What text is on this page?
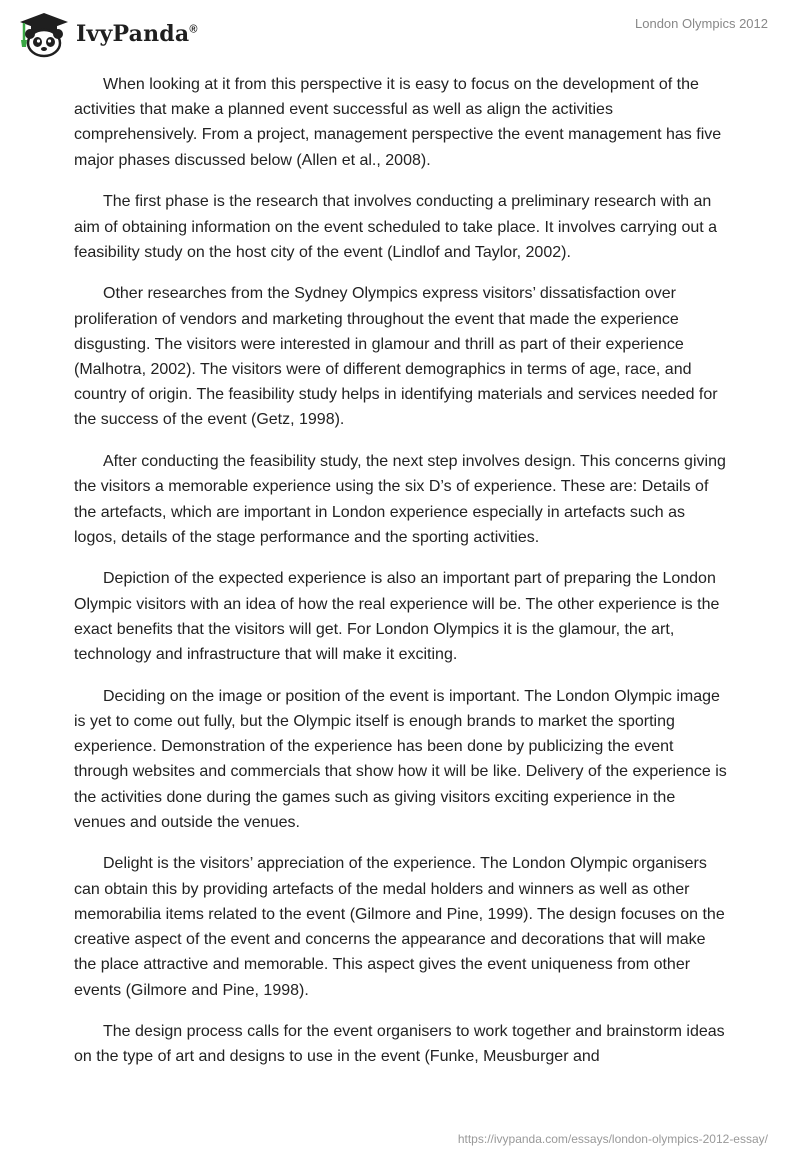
IvyPanda®	London Olympics 2012

When looking at it from this perspective it is easy to focus on the development of the activities that make a planned event successful as well as align the activities comprehensively. From a project, management perspective the event management has five major phases discussed below (Allen et al., 2008).

The first phase is the research that involves conducting a preliminary research with an aim of obtaining information on the event scheduled to take place. It involves carrying out a feasibility study on the host city of the event (Lindlof and Taylor, 2002).

Other researches from the Sydney Olympics express visitors’ dissatisfaction over proliferation of vendors and marketing throughout the event that made the experience disgusting. The visitors were interested in glamour and thrill as part of their experience (Malhotra, 2002). The visitors were of different demographics in terms of age, race, and country of origin. The feasibility study helps in identifying materials and services needed for the success of the event (Getz, 1998).

After conducting the feasibility study, the next step involves design. This concerns giving the visitors a memorable experience using the six D’s of experience. These are: Details of the artefacts, which are important in London experience especially in artefacts such as logos, details of the stage performance and the sporting activities.

Depiction of the expected experience is also an important part of preparing the London Olympic visitors with an idea of how the real experience will be. The other experience is the exact benefits that the visitors will get. For London Olympics it is the glamour, the art, technology and infrastructure that will make it exciting.

Deciding on the image or position of the event is important. The London Olympic image is yet to come out fully, but the Olympic itself is enough brands to market the sporting experience. Demonstration of the experience has been done by publicizing the event through websites and commercials that show how it will be like. Delivery of the experience is the activities done during the games such as giving visitors exciting experience in the venues and outside the venues.

Delight is the visitors’ appreciation of the experience. The London Olympic organisers can obtain this by providing artefacts of the medal holders and winners as well as other memorabilia items related to the event (Gilmore and Pine, 1999). The design focuses on the creative aspect of the event and concerns the appearance and decorations that will make the place attractive and memorable. This aspect gives the event uniqueness from other events (Gilmore and Pine, 1998).

The design process calls for the event organisers to work together and brainstorm ideas on the type of art and designs to use in the event (Funke, Meusburger and

https://ivypanda.com/essays/london-olympics-2012-essay/
